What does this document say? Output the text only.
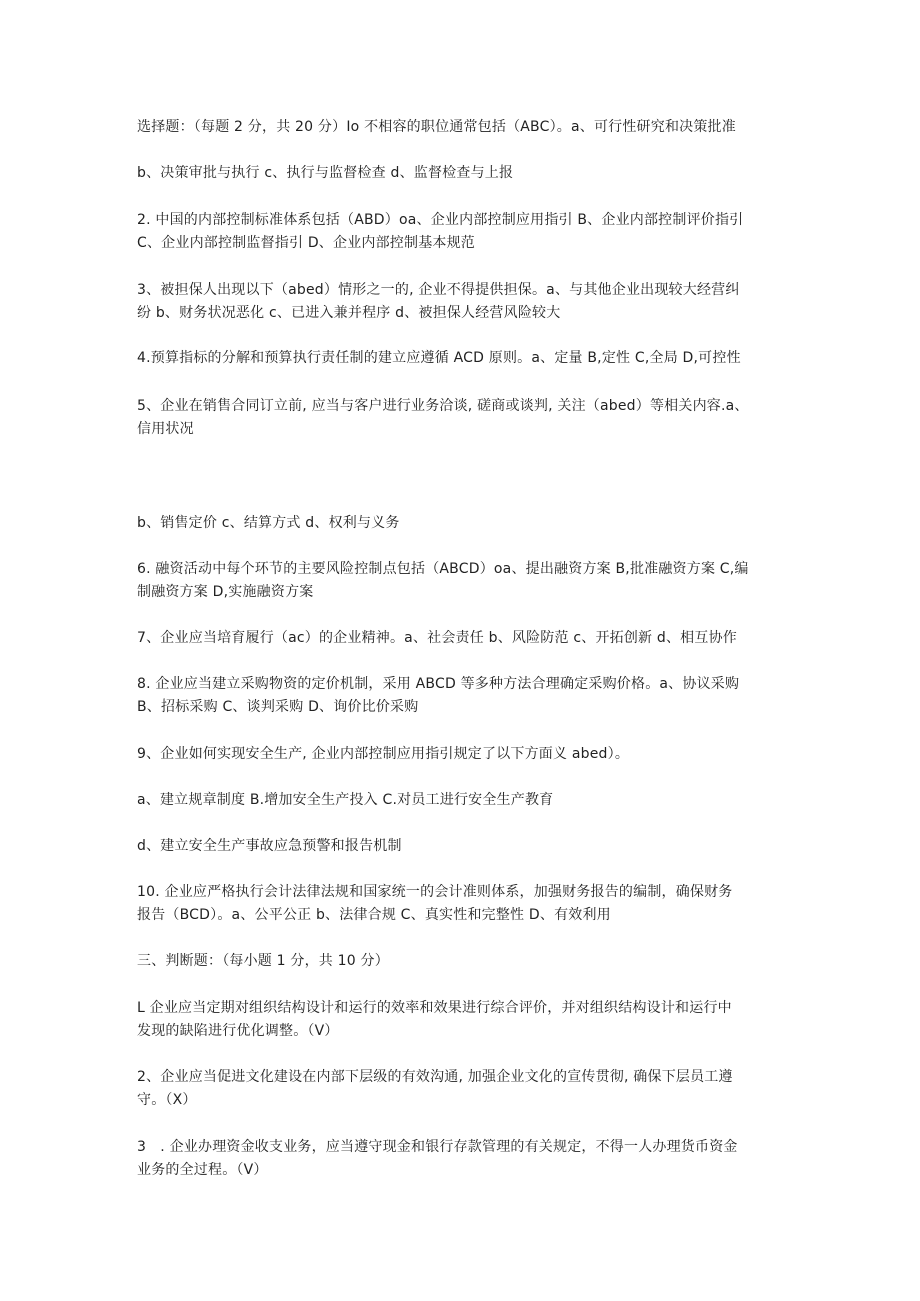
选择题：（每题 2 分，共 20 分）Io 不相容的职位通常包括（ABC）。a、可行性研究和决策批准
b、决策审批与执行 c、执行与监督检查 d、监督检查与上报
2. 中国的内部控制标准体系包括（ABD）oa、企业内部控制应用指引 B、企业内部控制评价指引
C、企业内部控制监督指引 D、企业内部控制基本规范
3、被担保人出现以下（abed）情形之一的, 企业不得提供担保。a、与其他企业出现较大经营纠
纷 b、财务状况恶化 c、已进入兼并程序 d、被担保人经营风险较大
4.预算指标的分解和预算执行责任制的建立应遵循 ACD 原则。a、定量 B,定性 C,全局 D,可控性
5、企业在销售合同订立前, 应当与客户进行业务洽谈, 磋商或谈判, 关注（abed）等相关内容.a、
信用状况
b、销售定价 c、结算方式 d、权利与义务
6. 融资活动中每个环节的主要风险控制点包括（ABCD）oa、提出融资方案 B,批准融资方案 C,编
制融资方案 D,实施融资方案
7、企业应当培育履行（ac）的企业精神。a、社会责任 b、风险防范 c、开拓创新 d、相互协作
8. 企业应当建立采购物资的定价机制，采用 ABCD 等多种方法合理确定采购价格。a、协议采购
B、招标采购 C、谈判采购 D、询价比价采购
9、企业如何实现安全生产, 企业内部控制应用指引规定了以下方面义 abed）。
a、建立规章制度 B.增加安全生产投入 C.对员工进行安全生产教育
d、建立安全生产事故应急预警和报告机制
10. 企业应严格执行会计法律法规和国家统一的会计准则体系，加强财务报告的编制，确保财务
报告（BCD）。a、公平公正 b、法律合规 C、真实性和完整性 D、有效利用
三、判断题：（每小题 1 分，共 10 分）
L 企业应当定期对组织结构设计和运行的效率和效果进行综合评价，并对组织结构设计和运行中
发现的缺陷进行优化调整。（V）
2、企业应当促进文化建设在内部下层级的有效沟通, 加强企业文化的宣传贯彻, 确保下层员工遵
守。（X）
3　. 企业办理资金收支业务，应当遵守现金和银行存款管理的有关规定，不得一人办理货币资金
业务的全过程。（V）
